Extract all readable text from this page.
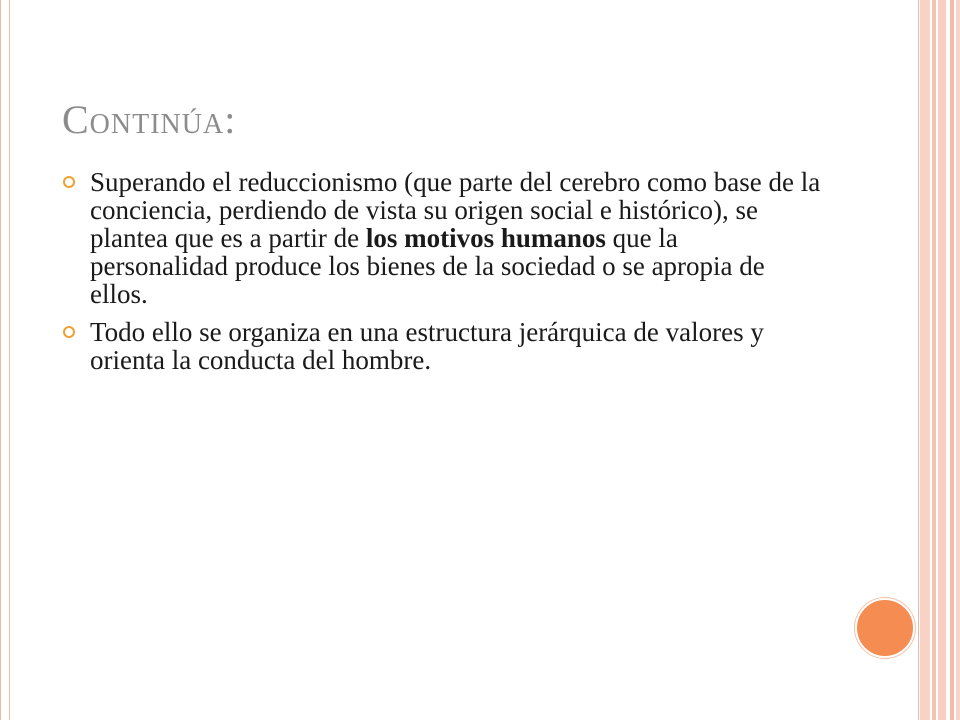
Continúa:
Superando el reduccionismo (que parte del cerebro como base de la conciencia, perdiendo de vista su origen social e histórico), se plantea que es a partir de los motivos humanos que la personalidad produce los bienes de la sociedad o se apropia de ellos.
Todo ello se organiza en una estructura jerárquica de valores y orienta la conducta del hombre.
